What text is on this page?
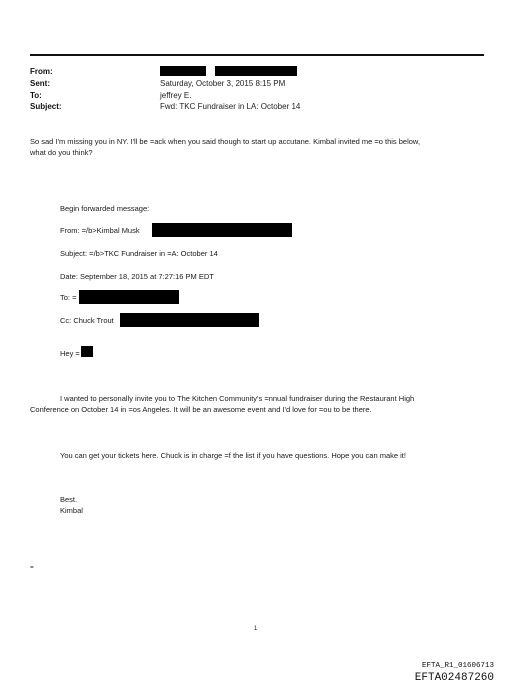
From:
Sent:	Saturday, October 3, 2015 8:15 PM
To:	jeffrey E.
Subject:	Fwd: TKC Fundraiser in LA: October 14
So sad I'm missing you in NY. I'll be =ack when you said though to start up accutane. Kimbal invited me =o this below,
what do you think?
Begin forwarded message:
From: =/b>Kimbal Musk
Subject: =/b>TKC Fundraiser in =A: October 14
Date: September 18, 2015 at 7:27:16 PM EDT
To: =
Cc: Chuck Trout
Hey =
I wanted to personally invite you to The Kitchen Community's =nnual fundraiser during the Restaurant High
Conference on October 14 in =os Angeles. It will be an awesome event and I'd love for =ou to be there.
You can get your tickets here. Chuck is in charge =f the list if you have questions. Hope you can make it!
Best.
Kimbal
=
1
EFTA_R1_01606713
EFTA02487260
